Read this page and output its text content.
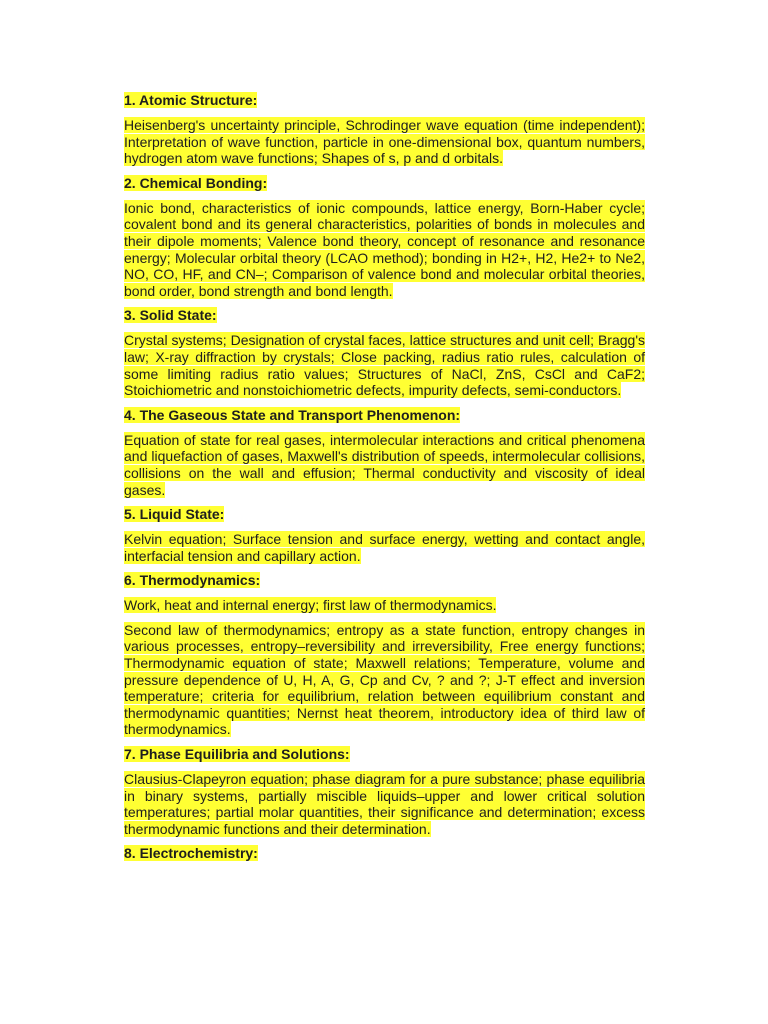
1. Atomic Structure:
Heisenberg's uncertainty principle, Schrodinger wave equation (time independent); Interpretation of wave function, particle in one-dimensional box, quantum numbers, hydrogen atom wave functions; Shapes of s, p and d orbitals.
2. Chemical Bonding:
Ionic bond, characteristics of ionic compounds, lattice energy, Born-Haber cycle; covalent bond and its general characteristics, polarities of bonds in molecules and their dipole moments; Valence bond theory, concept of resonance and resonance energy; Molecular orbital theory (LCAO method); bonding in H2+, H2, He2+ to Ne2, NO, CO, HF, and CN–; Comparison of valence bond and molecular orbital theories, bond order, bond strength and bond length.
3. Solid State:
Crystal systems; Designation of crystal faces, lattice structures and unit cell; Bragg's law; X-ray diffraction by crystals; Close packing, radius ratio rules, calculation of some limiting radius ratio values; Structures of NaCl, ZnS, CsCl and CaF2; Stoichiometric and nonstoichiometric defects, impurity defects, semi-conductors.
4. The Gaseous State and Transport Phenomenon:
Equation of state for real gases, intermolecular interactions and critical phenomena and liquefaction of gases, Maxwell's distribution of speeds, intermolecular collisions, collisions on the wall and effusion; Thermal conductivity and viscosity of ideal gases.
5. Liquid State:
Kelvin equation; Surface tension and surface energy, wetting and contact angle, interfacial tension and capillary action.
6. Thermodynamics:
Work, heat and internal energy; first law of thermodynamics.
Second law of thermodynamics; entropy as a state function, entropy changes in various processes, entropy–reversibility and irreversibility, Free energy functions; Thermodynamic equation of state; Maxwell relations; Temperature, volume and pressure dependence of U, H, A, G, Cp and Cv, ? and ?; J-T effect and inversion temperature; criteria for equilibrium, relation between equilibrium constant and thermodynamic quantities; Nernst heat theorem, introductory idea of third law of thermodynamics.
7. Phase Equilibria and Solutions:
Clausius-Clapeyron equation; phase diagram for a pure substance; phase equilibria in binary systems, partially miscible liquids–upper and lower critical solution temperatures; partial molar quantities, their significance and determination; excess thermodynamic functions and their determination.
8. Electrochemistry:
